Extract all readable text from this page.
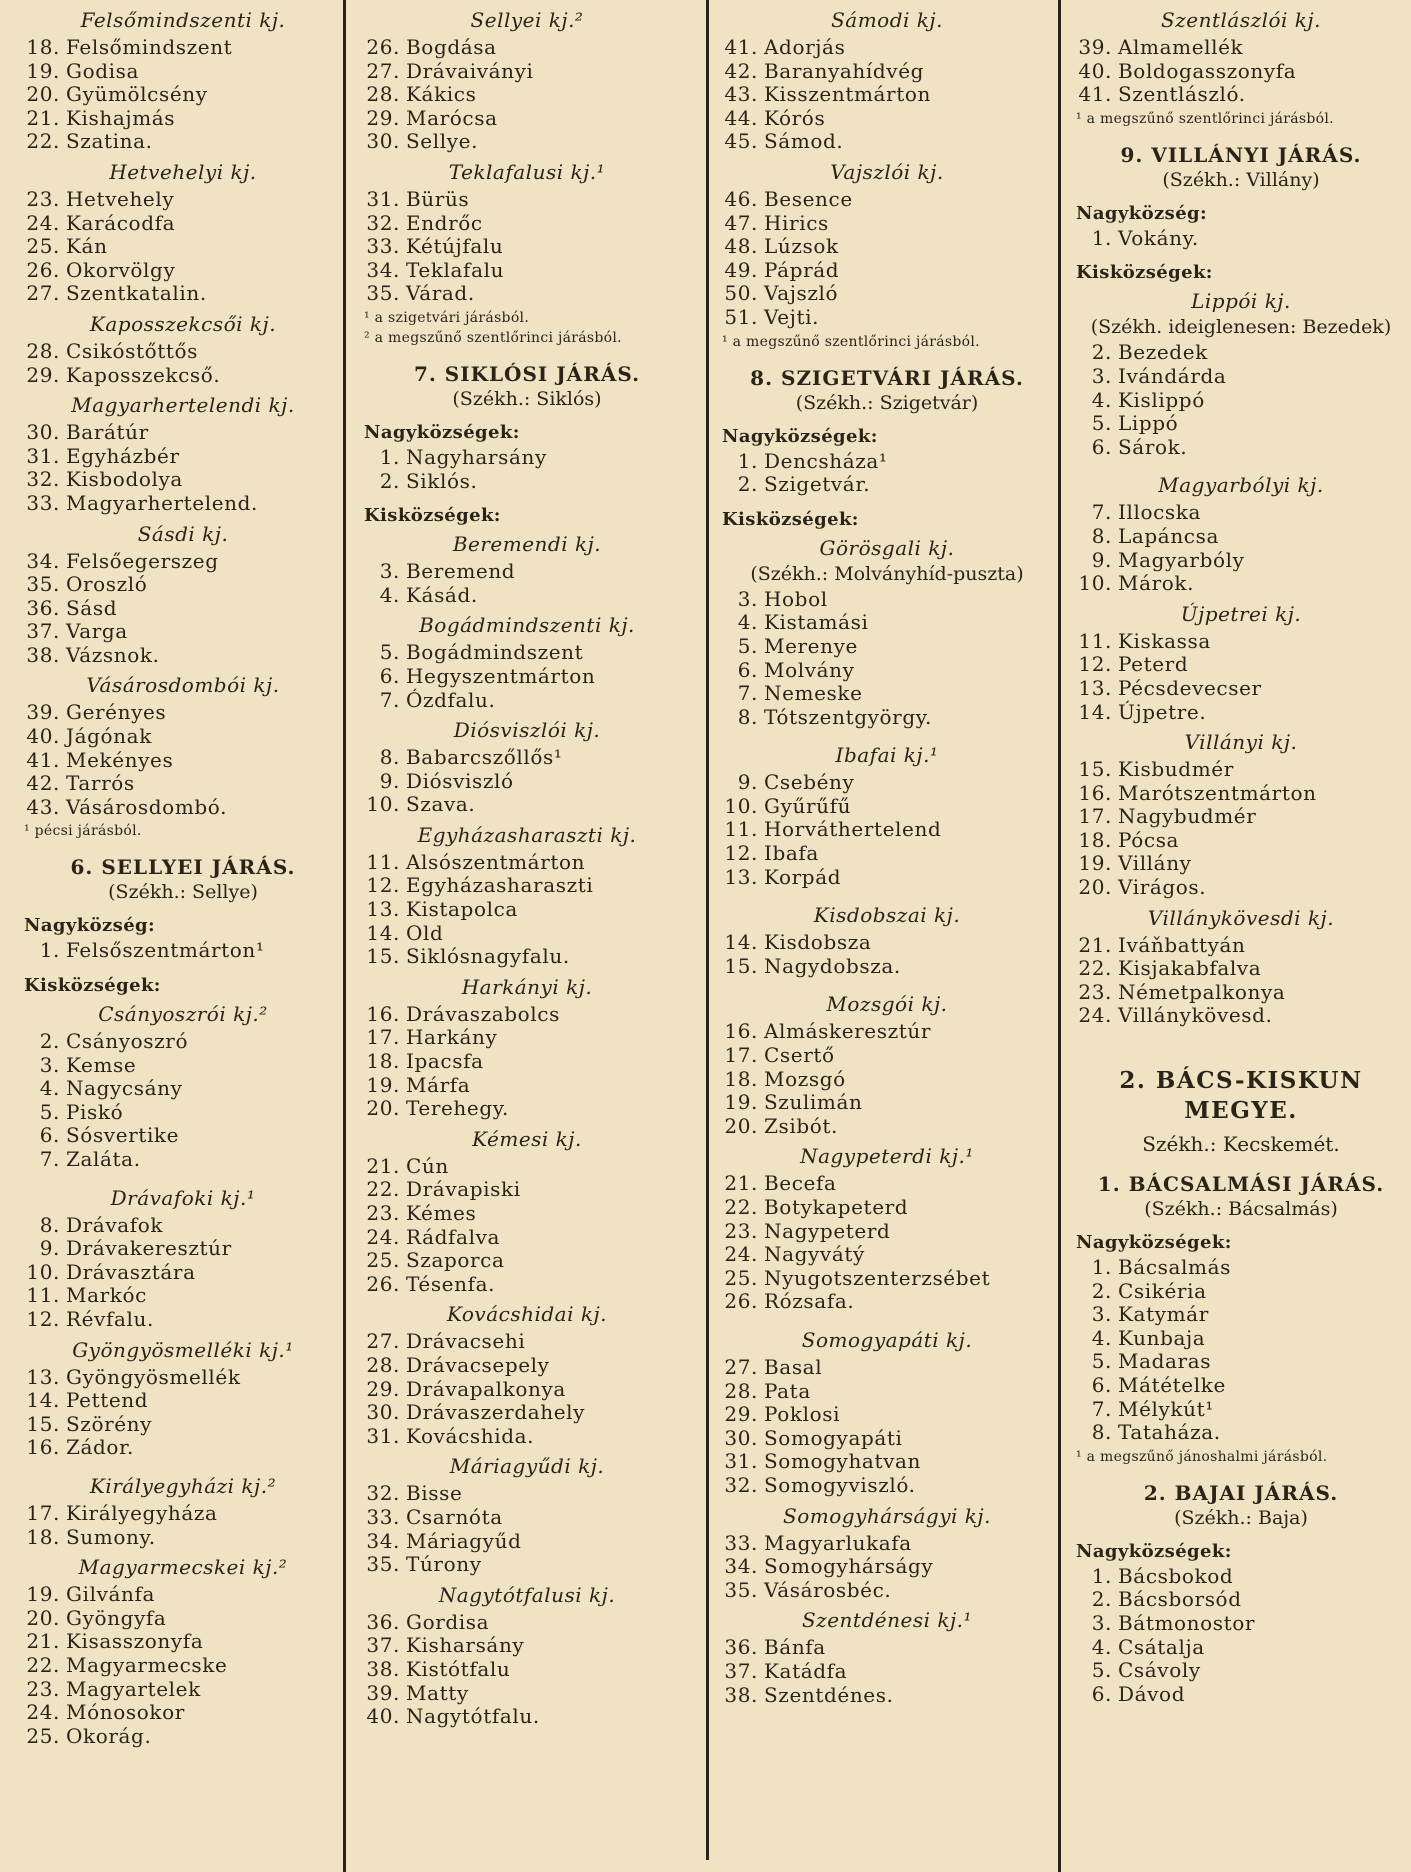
Felsőmindszenti kj.
18. Felsőmindszent
19. Godisa
20. Gyümölcsény
21. Kishajmás
22. Szatina.
Hetvehelyi kj.
23. Hetvehely
24. Karácodfa
25. Kán
26. Okorvölgy
27. Szentkatalin.
Kaposszekcsői kj.
28. Csikóstőttős
29. Kaposszekcső.
Magyarhertelendi kj.
30. Barátúr
31. Egyházbér
32. Kisbodolya
33. Magyarhertelend.
Sásdi kj.
34. Felsőegerszeg
35. Oroszló
36. Sásd
37. Varga
38. Vázsnok.
Vásárosdombói kj.
39. Gerényes
40. Jágónak
41. Mekényes
42. Tarrós
43. Vásárosdombó.
¹ pécsi járásból.
6. SELLYEI JÁRÁS.
(Székh.: Sellye)
Nagyközség:
1. Felsőszentmárton¹
Kisközségek:
Csányoszrói kj.²
2. Csányoszró
3. Kemse
4. Nagycsány
5. Piskó
6. Sósvertike
7. Zaláta.
Drávafoki kj.¹
8. Drávafok
9. Drávakeresztúr
10. Drávasztára
11. Markóc
12. Révfalu.
Gyöngyösmelléki kj.¹
13. Gyöngyösmellék
14. Pettend
15. Szörény
16. Zádor.
Királyegyházi kj.²
17. Királyegyháza
18. Sumony.
Magyarmecskei kj.²
19. Gilvánfa
20. Gyöngyfa
21. Kisasszonyfa
22. Magyarmecske
23. Magyartelek
24. Mónosokor
25. Okorág.
Sellyei kj.²
26. Bogdása
27. Drávaiványi
28. Kákics
29. Marócsa
30. Sellye.
Teklafalusi kj.¹
31. Bürüs
32. Endrőc
33. Kétújfalu
34. Teklafalu
35. Várad.
¹ a szigetvári járásból.
² a megszűnő szentlőrinci járásból.
7. SIKLÓSI JÁRÁS.
(Székh.: Siklós)
Nagyközségek:
1. Nagyharsány
2. Siklós.
Kisközségek:
Beremendi kj.
3. Beremend
4. Kásád.
Bogádmindszenti kj.
5. Bogádmindszent
6. Hegyszentmárton
7. Ózdfalu.
Diósviszlói kj.
8. Babarcszőllős¹
9. Diósviszló
10. Szava.
Egyházasharaszti kj.
11. Alsószentmárton
12. Egyházasharaszti
13. Kistapolca
14. Old
15. Siklósnagyfalu.
Harkányi kj.
16. Drávaszabolcs
17. Harkány
18. Ipacsfa
19. Márfa
20. Terehegy.
Kémesi kj.
21. Cún
22. Drávapiski
23. Kémes
24. Rádfalva
25. Szaporca
26. Tésenfa.
Kovácshidai kj.
27. Drávacsehi
28. Drávacsepely
29. Drávapalkonya
30. Drávaszerdahely
31. Kovácshida.
Máriagyűdi kj.
32. Bisse
33. Csarnóta
34. Máriagyűd
35. Túrony
Nagytótfalusi kj.
36. Gordisa
37. Kisharsány
38. Kistótfalu
39. Matty
40. Nagytótfalu.
Sámodi kj.
41. Adorjás
42. Baranyahídvég
43. Kisszentmárton
44. Kórós
45. Sámod.
Vajszlói kj.
46. Besence
47. Hirics
48. Lúzsok
49. Páprád
50. Vajszló
51. Vejti.
¹ a megszűnő szentlőrinci járásból.
8. SZIGETVÁRI JÁRÁS.
(Székh.: Szigetvár)
Nagyközségek:
1. Dencsháza¹
2. Szigetvár.
Kisközségek:
Görösgali kj.
(Székh.: Molványhíd-puszta)
3. Hobol
4. Kistamási
5. Merenye
6. Molvány
7. Nemeske
8. Tótszentgyörgy.
Ibafai kj.¹
9. Csebény
10. Gyűrűfű
11. Horváthertelend
12. Ibafa
13. Korpád
Kisdobszai kj.
14. Kisdobsza
15. Nagydobsza.
Mozsgói kj.
16. Almáskeresztúr
17. Csertő
18. Mozsgó
19. Szulimán
20. Zsibót.
Nagypeterdi kj.¹
21. Becefa
22. Botykapeterd
23. Nagypeterd
24. Nagyvátý
25. Nyugotszenterzsébet
26. Rózsafa.
Somogyapáti kj.
27. Basal
28. Pata
29. Poklosi
30. Somogyapáti
31. Somogyhatvan
32. Somogyviszló.
Somogyhárságyi kj.
33. Magyarlukafa
34. Somogyhárságy
35. Vásárosbéc.
Szentdénesi kj.¹
36. Bánfa
37. Katádfa
38. Szentdénes.
Szentlászlói kj.
39. Almamellék
40. Boldogasszonyfa
41. Szentlászló.
¹ a megszűnő szentlőrinci járásból.
9. VILLÁNYI JÁRÁS.
(Székh.: Villány)
Nagyközség:
1. Vokány.
Kisközségek:
Lippói kj.
(Székh. ideiglenesen: Bezedek)
2. Bezedek
3. Ivándárda
4. Kislippó
5. Lippó
6. Sárok.
Magyarbólyi kj.
7. Illocska
8. Lapáncsa
9. Magyarbóly
10. Márok.
Újpetrei kj.
11. Kiskassa
12. Peterd
13. Pécsdevecser
14. Újpetre.
Villányi kj.
15. Kisbudmér
16. Marótszentmárton
17. Nagybudmér
18. Pócsa
19. Villány
20. Virágos.
Villánykövesdi kj.
21. Iváňbattyán
22. Kisjakabfalva
23. Németpalkonya
24. Villánykövesd.
2. BÁCS-KISKUN MEGYE.
Székh.: Kecskemét.
1. BÁCSALMÁSI JÁRÁS.
(Székh.: Bácsalmás)
Nagyközségek:
1. Bácsalmás
2. Csikéria
3. Katymár
4. Kunbaja
5. Madaras
6. Mátételke
7. Mélykút¹
8. Tataháza.
¹ a megszűnő jánoshalmi járásból.
2. BAJAI JÁRÁS.
(Székh.: Baja)
Nagyközségek:
1. Bácsbokod
2. Bácsborsód
3. Bátmonostor
4. Csátalja
5. Csávoly
6. Dávod
